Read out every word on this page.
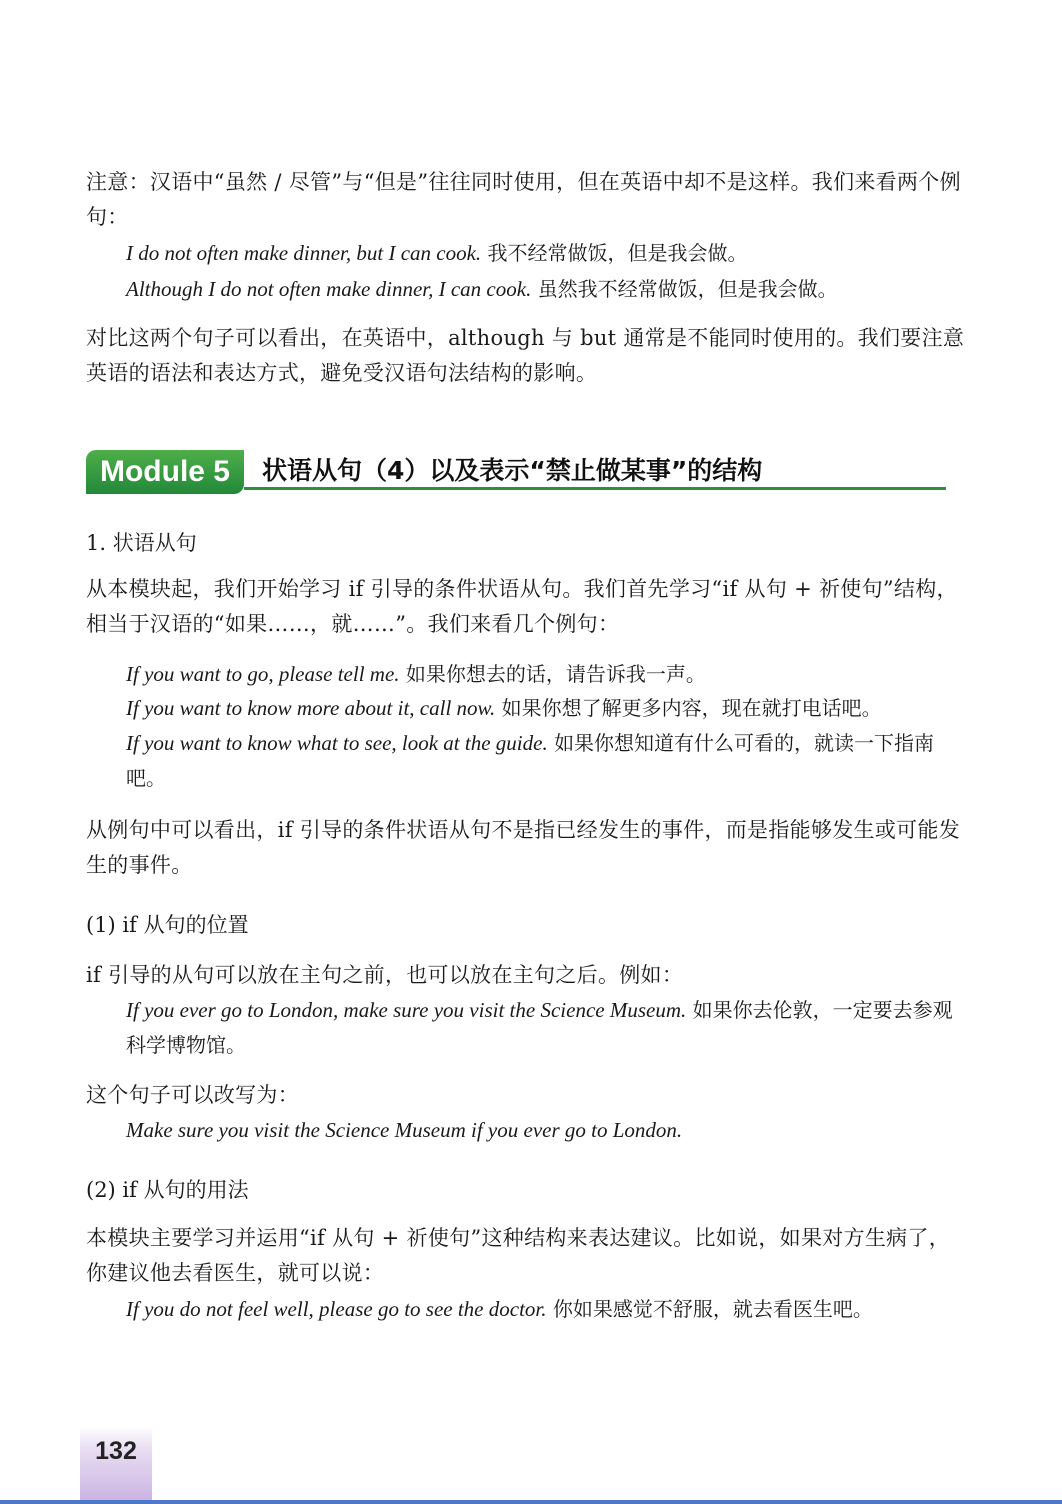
注意：汉语中“虽然 / 尽管”与“但是”往往同时使用，但在英语中却不是这样。我们来看两个例句：

I do not often make dinner, but I can cook. 我不经常做饭，但是我会做。

Although I do not often make dinner, I can cook. 虽然我不经常做饭，但是我会做。

对比这两个句子可以看出，在英语中，although 与 but 通常是不能同时使用的。我们要注意英语的语法和表达方式，避免受汉语句法结构的影响。

Module 5	状语从句（4）以及表示“禁止做某事”的结构

1. 状语从句

从本模块起，我们开始学习 if 引导的条件状语从句。我们首先学习“if 从句 + 祈使句”结构，相当于汉语的“如果……，就……”。我们来看几个例句：

If you want to go, please tell me. 如果你想去的话，请告诉我一声。

If you want to know more about it, call now. 如果你想了解更多内容，现在就打电话吧。

If you want to know what to see, look at the guide. 如果你想知道有什么可看的，就读一下指南吧。

从例句中可以看出，if 引导的条件状语从句不是指已经发生的事件，而是指能够发生或可能发生的事件。

(1) if 从句的位置

if 引导的从句可以放在主句之前，也可以放在主句之后。例如：

If you ever go to London, make sure you visit the Science Museum. 如果你去伦敦，一定要去参观科学博物馆。

这个句子可以改写为：

Make sure you visit the Science Museum if you ever go to London.

(2) if 从句的用法

本模块主要学习并运用“if 从句 + 祈使句”这种结构来表达建议。比如说，如果对方生病了，你建议他去看医生，就可以说：

If you do not feel well, please go to see the doctor. 你如果感觉不舒服，就去看医生吧。

132
